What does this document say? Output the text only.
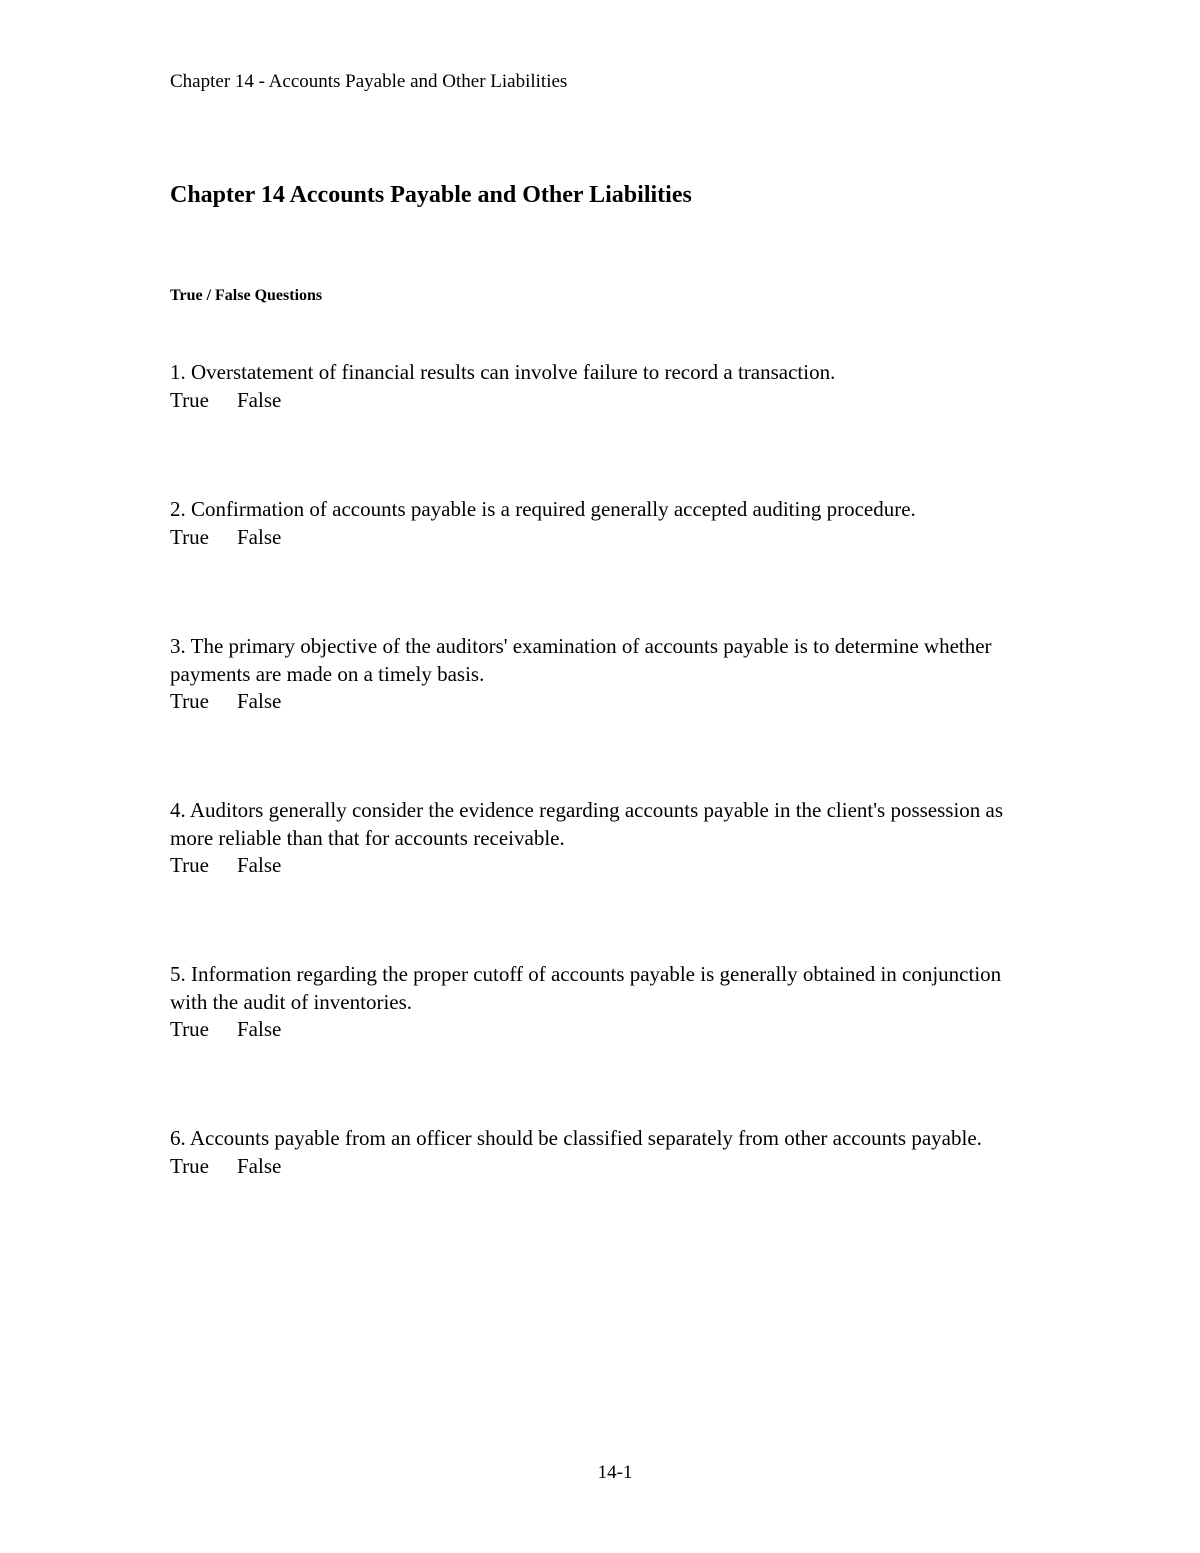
Chapter 14 - Accounts Payable and Other Liabilities
Chapter 14 Accounts Payable and Other Liabilities
True / False Questions

1. Overstatement of financial results can involve failure to record a transaction.

True False

2. Confirmation of accounts payable is a required generally accepted auditing procedure.

True False

3. The primary objective of the auditors' examination of accounts payable is to determine whether payments are made on a timely basis.

True False

4. Auditors generally consider the evidence regarding accounts payable in the client's possession as more reliable than that for accounts receivable.

True False

5. Information regarding the proper cutoff of accounts payable is generally obtained in conjunction with the audit of inventories.

True False

6. Accounts payable from an officer should be classified separately from other accounts payable.

True False
14-1
